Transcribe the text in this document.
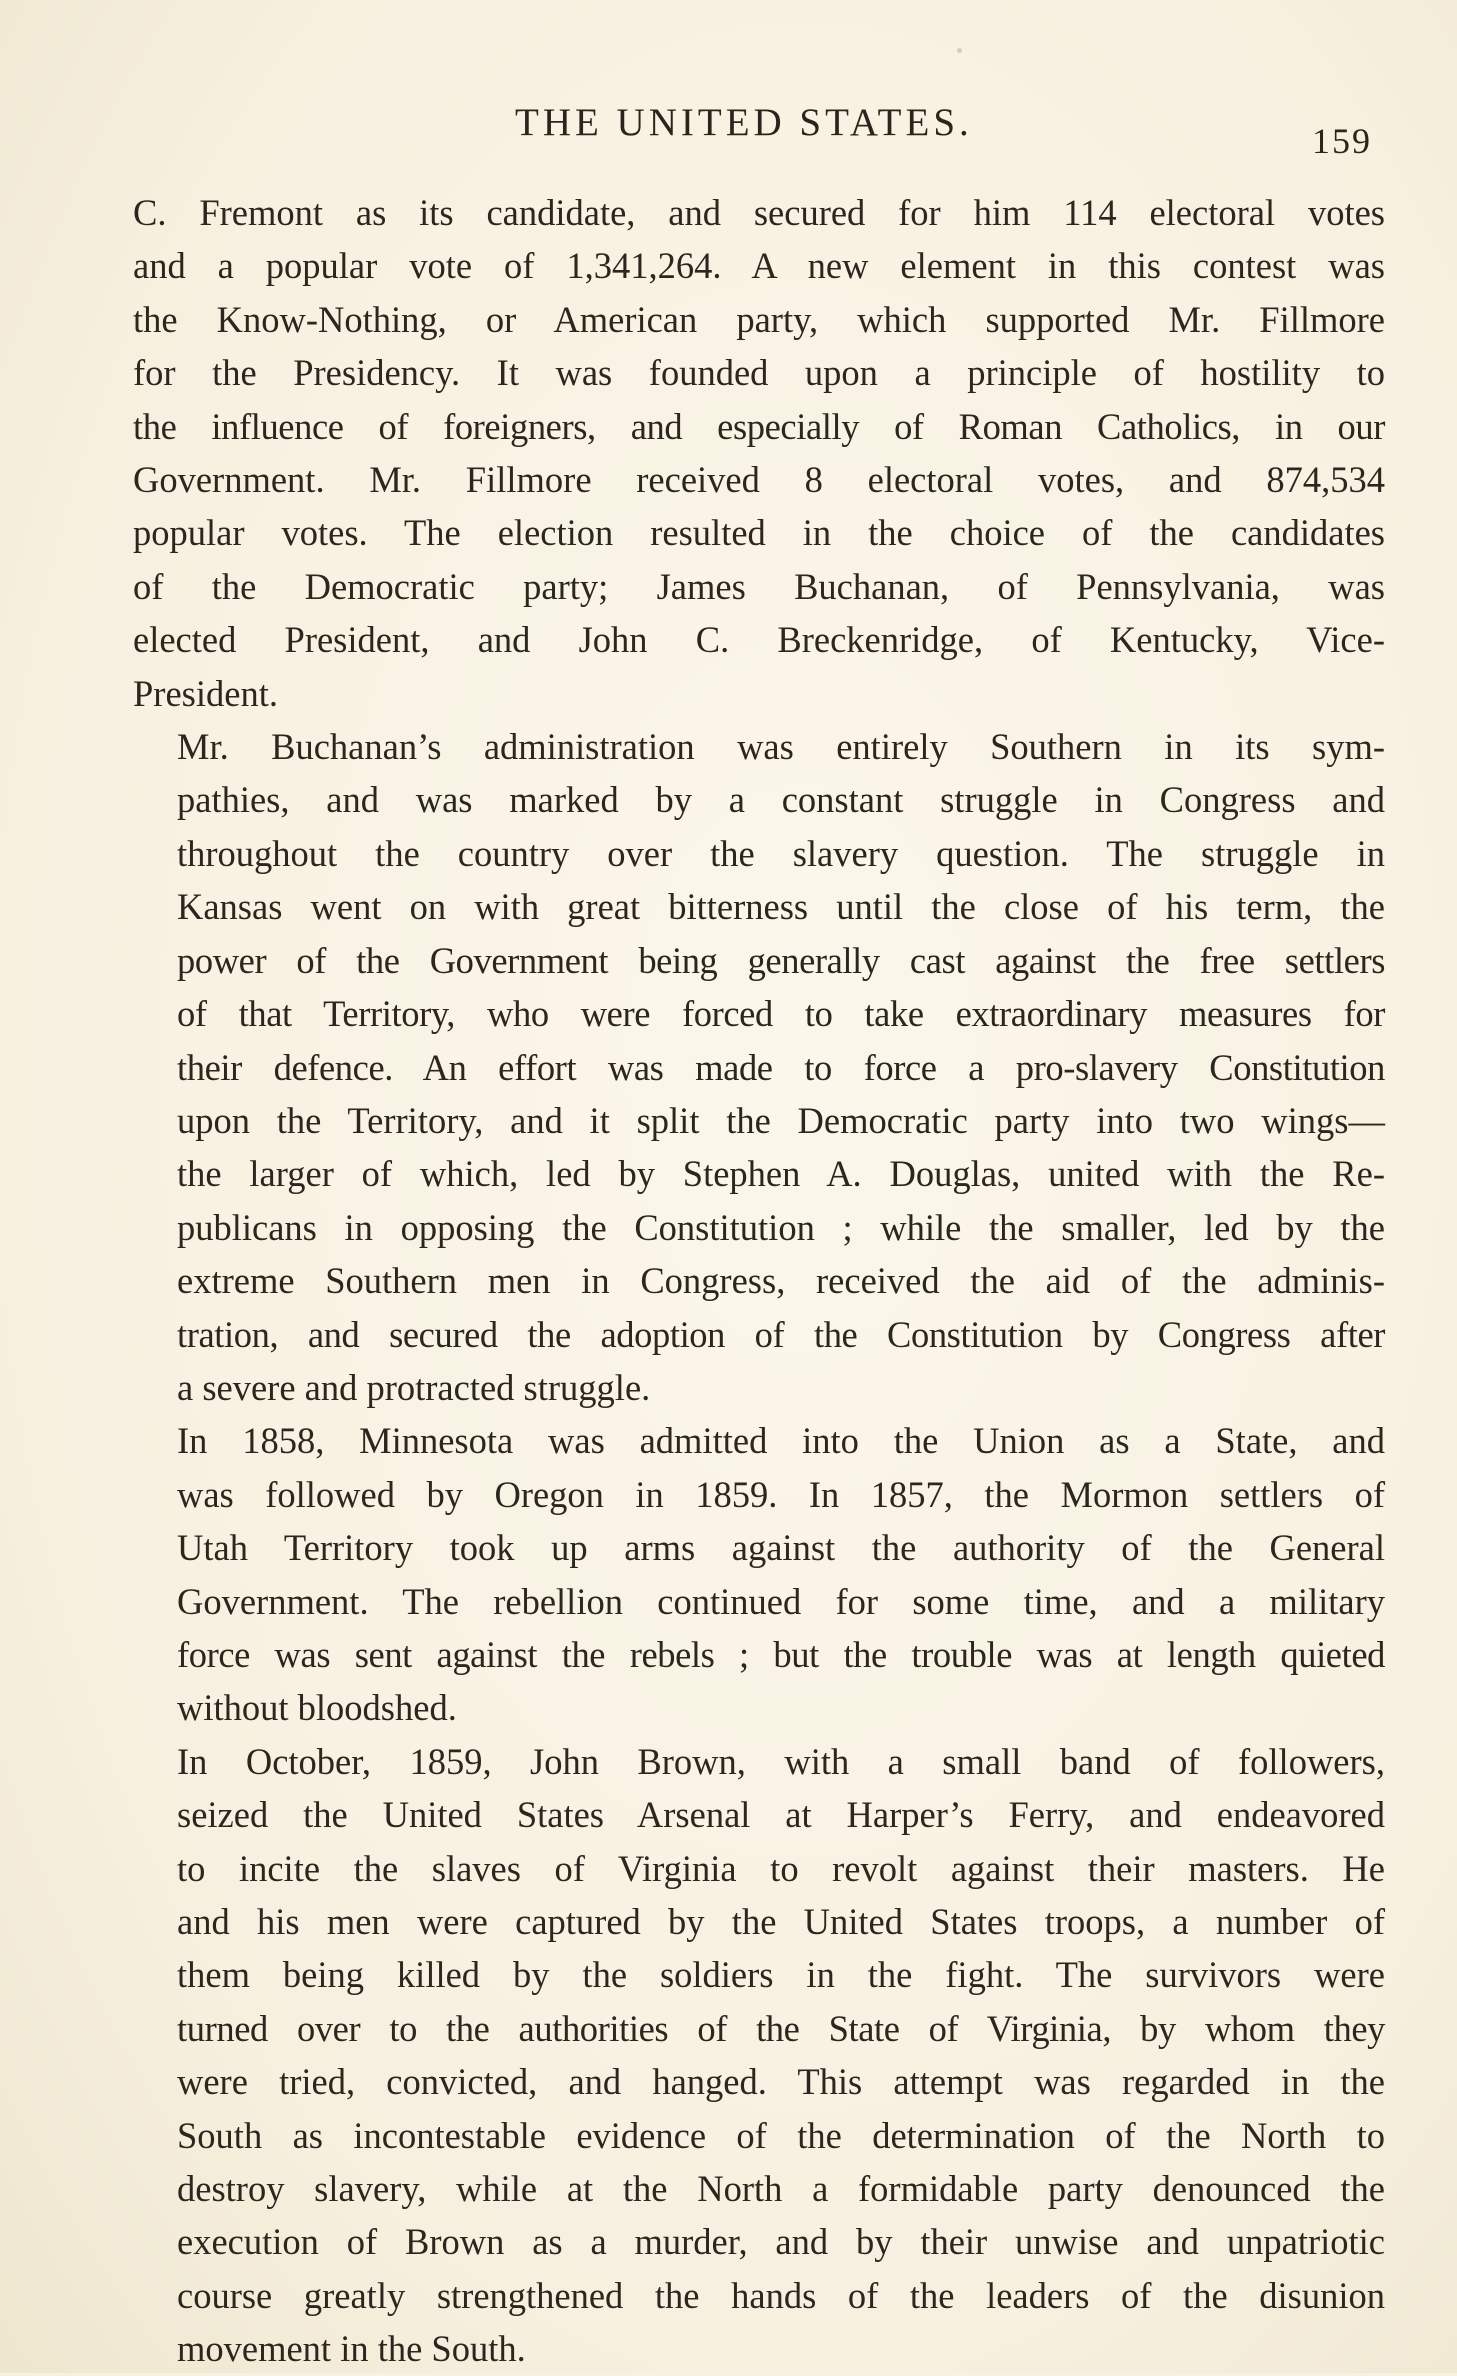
THE UNITED STATES.	159

C. Fremont as its candidate, and secured for him 114 electoral votes
and a popular vote of 1,341,264. A new element in this contest was
the Know-Nothing, or American party, which supported Mr. Fillmore
for the Presidency. It was founded upon a principle of hostility to
the influence of foreigners, and especially of Roman Catholics, in our
Government. Mr. Fillmore received 8 electoral votes, and 874,534
popular votes. The election resulted in the choice of the candidates
of the Democratic party; James Buchanan, of Pennsylvania, was
elected President, and John C. Breckenridge, of Kentucky, Vice-
President.

Mr. Buchanan’s administration was entirely Southern in its sym-
pathies, and was marked by a constant struggle in Congress and
throughout the country over the slavery question. The struggle in
Kansas went on with great bitterness until the close of his term, the
power of the Government being generally cast against the free settlers
of that Territory, who were forced to take extraordinary measures for
their defence. An effort was made to force a pro-slavery Constitution
upon the Territory, and it split the Democratic party into two wings—
the larger of which, led by Stephen A. Douglas, united with the Re-
publicans in opposing the Constitution ; while the smaller, led by the
extreme Southern men in Congress, received the aid of the adminis-
tration, and secured the adoption of the Constitution by Congress after
a severe and protracted struggle.

In 1858, Minnesota was admitted into the Union as a State, and
was followed by Oregon in 1859. In 1857, the Mormon settlers of
Utah Territory took up arms against the authority of the General
Government. The rebellion continued for some time, and a military
force was sent against the rebels ; but the trouble was at length quieted
without bloodshed.

In October, 1859, John Brown, with a small band of followers,
seized the United States Arsenal at Harper’s Ferry, and endeavored
to incite the slaves of Virginia to revolt against their masters. He
and his men were captured by the United States troops, a number of
them being killed by the soldiers in the fight. The survivors were
turned over to the authorities of the State of Virginia, by whom they
were tried, convicted, and hanged. This attempt was regarded in the
South as incontestable evidence of the determination of the North to
destroy slavery, while at the North a formidable party denounced the
execution of Brown as a murder, and by their unwise and unpatriotic
course greatly strengthened the hands of the leaders of the disunion
movement in the South.
